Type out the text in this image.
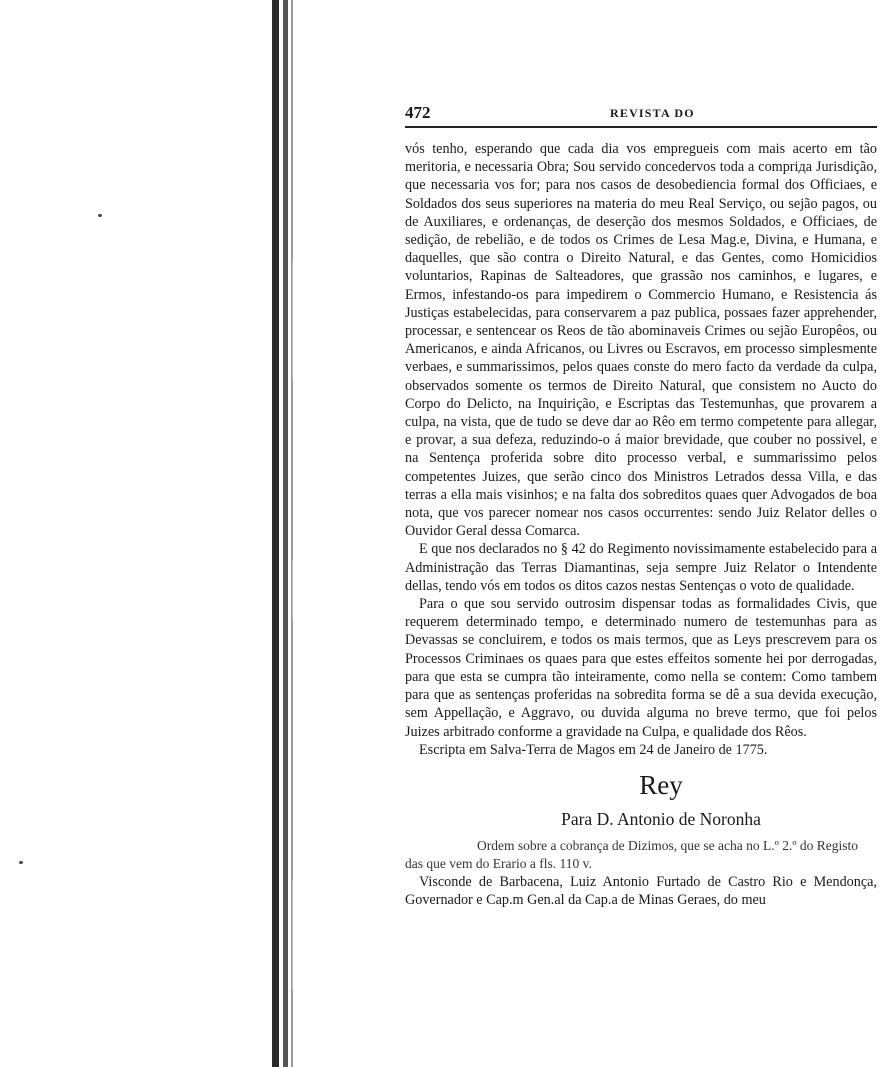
472	REVISTA DO

vós tenho, esperando que cada dia vos empregueis com mais acerto em tão meritoria, e necessaria Obra; Sou servido concedervos toda a compriда Jurisdição, que necessaria vos for; para nos casos de desobediencia formal dos Officiaes, e Soldados dos seus superiores na materia do meu Real Serviço, ou sejão pagos, ou de Auxiliares, e ordenanças, de deserção dos mesmos Soldados, e Officiaes, de sedição, de rebelião, e de todos os Crimes de Lesa Mag.e, Divina, e Humana, e daquelles, que são contra o Direito Natural, e das Gentes, como Homicidios voluntarios, Rapinas de Salteadores, que grassão nos caminhos, e lugares, e Ermos, infestando-os para impedirem o Commercio Humano, e Resistencia ás Justiças estabelecidas, para conservarem a paz publica, possaes fazer apprehender, processar, e sentencear os Reos de tão abominaveis Crimes ou sejão Europêos, ou Americanos, e ainda Africanos, ou Livres ou Escravos, em processo simplesmente verbaes, e summarissimos, pelos quaes conste do mero facto da verdade da culpa, observados somente os termos de Direito Natural, que consistem no Aucto do Corpo do Delicto, na Inquirição, e Escriptas das Testemunhas, que provarem a culpa, na vista, que de tudo se deve dar ao Rêo em termo competente para allegar, e provar, a sua defeza, reduzindo-o á maior brevidade, que couber no possivel, e na Sentença proferida sobre dito processo verbal, e summarissimo pelos competentes Juizes, que serão cinco dos Ministros Letrados dessa Villa, e das terras a ella mais visinhos; e na falta dos sobreditos quaes quer Advogados de boa nota, que vos parecer nomear nos casos occurrentes: sendo Juiz Relator delles o Ouvidor Geral dessa Comarca.

E que nos declarados no § 42 do Regimento novissimamente estabelecido para a Administração das Terras Diamantinas, seja sempre Juiz Relator o Intendente dellas, tendo vós em todos os ditos cazos nestas Sentenças o voto de qualidade.

Para o que sou servido outrosim dispensar todas as formalidades Civis, que requerem determinado tempo, e determinado numero de testemunhas para as Devassas se concluirem, e todos os mais termos, que as Leys prescrevem para os Processos Criminaes os quaes para que estes effeitos somente hei por derrogadas, para que esta se cumpra tão inteiramente, como nella se contem: Como tambem para que as sentenças proferidas na sobredita forma se dê a sua devida execução, sem Appellação, e Aggravo, ou duvida alguma no breve termo, que foi pelos Juizes arbitrado conforme a gravidade na Culpa, e qualidade dos Rêos.

Escripta em Salva-Terra de Magos em 24 de Janeiro de 1775.

Rey

Para D. Antonio de Noronha

Ordem sobre a cobrança de Dizimos, que se acha no L.º 2.º do Registo das que vem do Erario a fls. 110 v.

Visconde de Barbacena, Luiz Antonio Furtado de Castro Rio e Mendonça, Governador e Cap.m Gen.al da Cap.a de Minas Geraes, do meu
